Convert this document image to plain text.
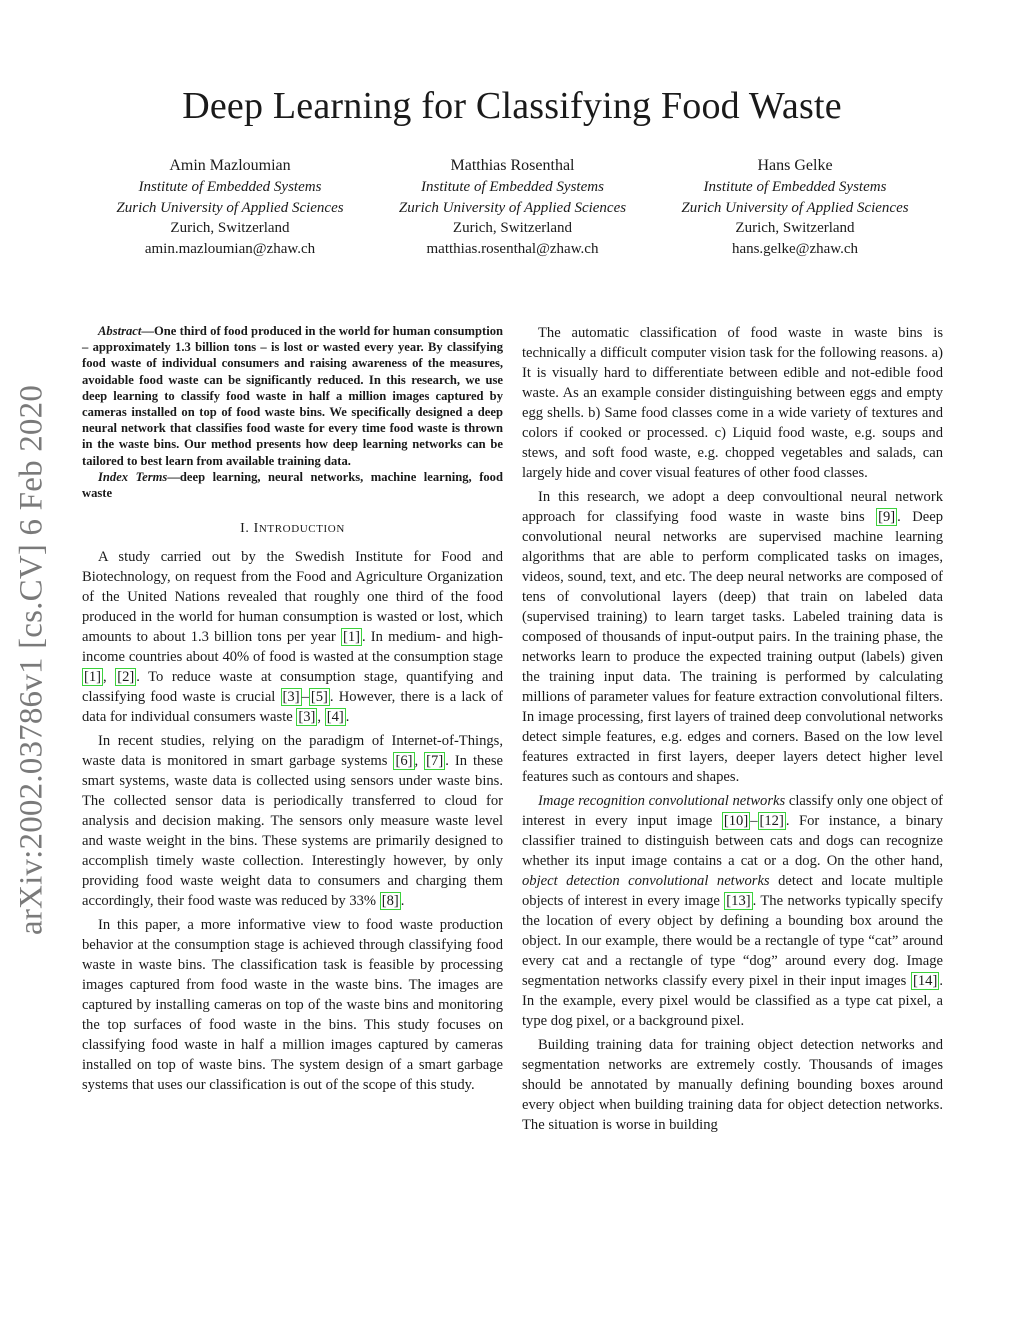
arXiv:2002.03786v1 [cs.CV] 6 Feb 2020
Deep Learning for Classifying Food Waste
Amin Mazloumian
Institute of Embedded Systems
Zurich University of Applied Sciences
Zurich, Switzerland
amin.mazloumian@zhaw.ch
Matthias Rosenthal
Institute of Embedded Systems
Zurich University of Applied Sciences
Zurich, Switzerland
matthias.rosenthal@zhaw.ch
Hans Gelke
Institute of Embedded Systems
Zurich University of Applied Sciences
Zurich, Switzerland
hans.gelke@zhaw.ch
Abstract—One third of food produced in the world for human consumption – approximately 1.3 billion tons – is lost or wasted every year. By classifying food waste of individual consumers and raising awareness of the measures, avoidable food waste can be significantly reduced. In this research, we use deep learning to classify food waste in half a million images captured by cameras installed on top of food waste bins. We specifically designed a deep neural network that classifies food waste for every time food waste is thrown in the waste bins. Our method presents how deep learning networks can be tailored to best learn from available training data.
Index Terms—deep learning, neural networks, machine learning, food waste
I. INTRODUCTION

A study carried out by the Swedish Institute for Food and Biotechnology, on request from the Food and Agriculture Organization of the United Nations revealed that roughly one third of the food produced in the world for human consumption is wasted or lost, which amounts to about 1.3 billion tons per year [1] . In medium- and high-income countries about 40% of food is wasted at the consumption stage [1] , [2] . To reduce waste at consumption stage, quantifying and classifying food waste is crucial [3] – [5] . However, there is a lack of data for individual consumers waste [3] , [4] .

In recent studies, relying on the paradigm of Internet-of-Things, waste data is monitored in smart garbage systems [6] , [7] . In these smart systems, waste data is collected using sensors under waste bins. The collected sensor data is periodically transferred to cloud for analysis and decision making. The sensors only measure waste level and waste weight in the bins. These systems are primarily designed to accomplish timely waste collection. Interestingly however, by only providing food waste weight data to consumers and charging them accordingly, their food waste was reduced by 33% [8] .

In this paper, a more informative view to food waste production behavior at the consumption stage is achieved through classifying food waste in waste bins. The classification task is feasible by processing images captured from food waste in the waste bins. The images are captured by installing cameras on top of the waste bins and monitoring the top surfaces of food waste in the bins. This study focuses on classifying food waste in half a million images captured by cameras installed on top of waste bins. The system design of a smart garbage systems that uses our classification is out of the scope of this study.

The automatic classification of food waste in waste bins is technically a difficult computer vision task for the following reasons. a) It is visually hard to differentiate between edible and not-edible food waste. As an example consider distinguishing between eggs and empty egg shells. b) Same food classes come in a wide variety of textures and colors if cooked or processed. c) Liquid food waste, e.g. soups and stews, and soft food waste, e.g. chopped vegetables and salads, can largely hide and cover visual features of other food classes.

In this research, we adopt a deep convoultional neural network approach for classifying food waste in waste bins [9] . Deep convolutional neural networks are supervised machine learning algorithms that are able to perform complicated tasks on images, videos, sound, text, and etc. The deep neural networks are composed of tens of convolutional layers (deep) that train on labeled data (supervised training) to learn target tasks. Labeled training data is composed of thousands of input-output pairs. In the training phase, the networks learn to produce the expected training output (labels) given the training input data. The training is performed by calculating millions of parameter values for feature extraction convolutional filters. In image processing, first layers of trained deep convolutional networks detect simple features, e.g. edges and corners. Based on the low level features extracted in first layers, deeper layers detect higher level features such as contours and shapes.

Image recognition convolutional networks classify only one object of interest in every input image [10] – [12] . For instance, a binary classifier trained to distinguish between cats and dogs can recognize whether its input image contains a cat or a dog. On the other hand, object detection convolutional networks detect and locate multiple objects of interest in every image [13] . The networks typically specify the location of every object by defining a bounding box around the object. In our example, there would be a rectangle of type “cat” around every cat and a rectangle of type “dog” around every dog. Image segmentation networks classify every pixel in their input images [14] . In the example, every pixel would be classified as a type cat pixel, a type dog pixel, or a background pixel.

Building training data for training object detection networks and segmentation networks are extremely costly. Thousands of images should be annotated by manually defining bounding boxes around every object when building training data for object detection networks. The situation is worse in building
